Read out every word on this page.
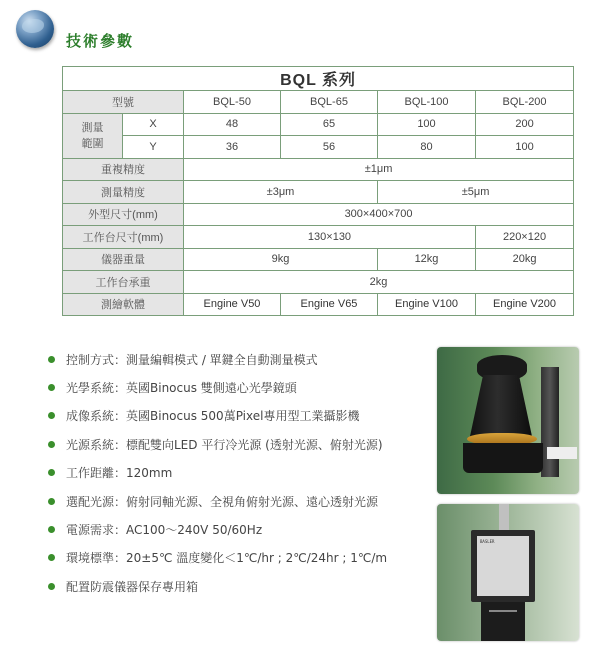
技術參數
BQL 系列					
型號		BQL-50	BQL-65	BQL-100	BQL-200

測量
範圍	X	48	65	100	200
	Y	36	56	80	100
重複精度		±1μm			
測量精度		±3μm		±5μm	
外型尺寸(mm)		300×400×700			
工作台尺寸(mm)		130×130			220×120
儀器重量		9kg		12kg	20kg
工作台承重		2kg			
測繪軟體		Engine V50	Engine V65	Engine V100	Engine V200
控制方式：測量編輯模式 / 單鍵全自動測量模式
光學系統：英國Binocus 雙側遠心光學鏡頭
成像系統：英國Binocus 500萬Pixel專用型工業攝影機
光源系統：標配雙向LED 平行冷光源 (透射光源、俯射光源)
工作距離：120mm
選配光源：俯射同軸光源、全視角俯射光源、遠心透射光源
電源需求：AC100～240V 50/60Hz
環境標準：20±5℃ 溫度變化＜1℃/hr ; 2℃/24hr ; 1℃/m
配置防震儀器保存專用箱
BASLER
